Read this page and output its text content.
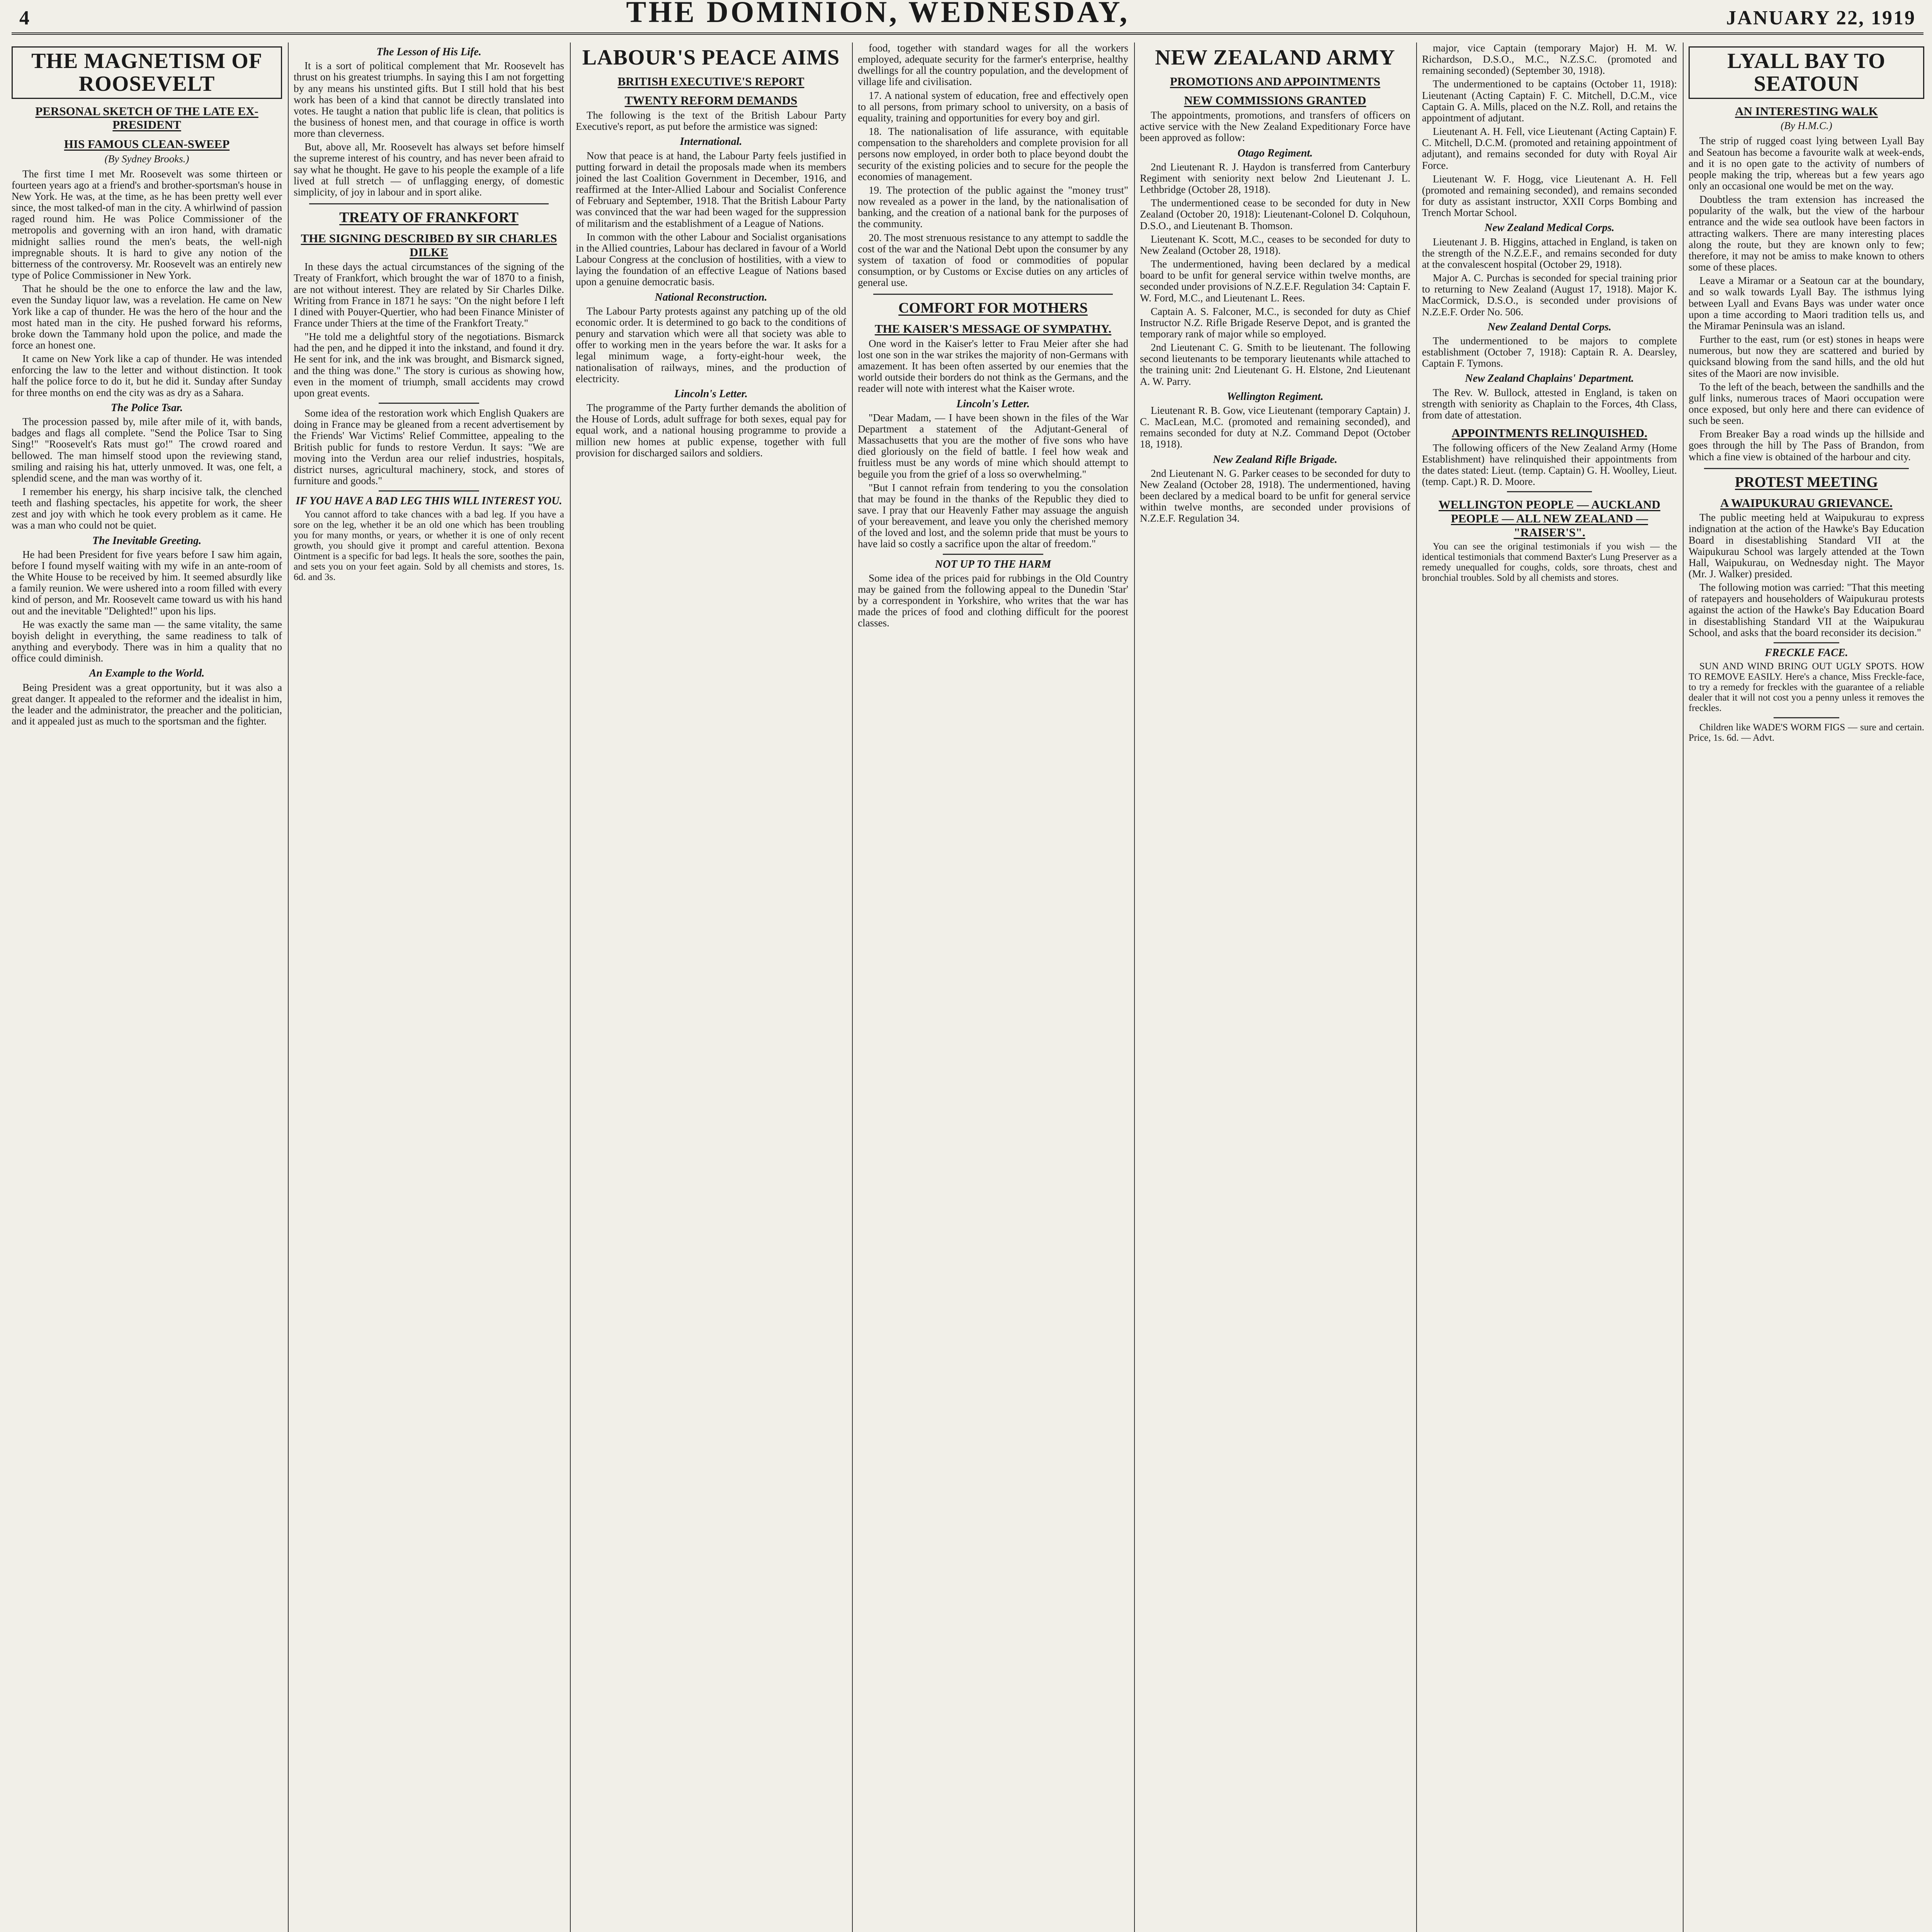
4	THE DOMINION, WEDNESDAY,	JANUARY 22, 1919
THE MAGNETISM OF ROOSEVELT
PERSONAL SKETCH OF THE LATE EX-PRESIDENT
HIS FAMOUS CLEAN-SWEEP
(By Sydney Brooks.)

The first time I met Mr. Roosevelt was some thirteen or fourteen years ago at a friend's and brother-sportsman's house in New York. He was, at the time, as he has been pretty well ever since, the most talked-of man in the city. A whirlwind of passion raged round him. He was Police Commissioner of the metropolis and governing with an iron hand, with dramatic midnight sallies round the men's beats, the well-nigh impregnable shouts. It is hard to give any notion of the bitterness of the controversy. Mr. Roosevelt was an entirely new type of Police Commissioner in New York.

That he should be the one to enforce the law and the law, even the Sunday liquor law, was a revelation. He came on New York like a cap of thunder. He was the hero of the hour and the most hated man in the city. He pushed forward his reforms, broke down the Tammany hold upon the police, and made the force an honest one.

It came on New York like a cap of thunder. He was intended enforcing the law to the letter and without distinction. It took half the police force to do it, but he did it. Sunday after Sunday for three months on end the city was as dry as a Sahara.

The Police Tsar.

The procession passed by, mile after mile of it, with bands, badges and flags all complete. "Send the Police Tsar to Sing Sing!" "Roosevelt's Rats must go!" The crowd roared and bellowed. The man himself stood upon the reviewing stand, smiling and raising his hat, utterly unmoved. It was, one felt, a splendid scene, and the man was worthy of it.

I remember his energy, his sharp incisive talk, the clenched teeth and flashing spectacles, his appetite for work, the sheer zest and joy with which he took every problem as it came. He was a man who could not be quiet.

The Inevitable Greeting.

He had been President for five years before I saw him again, before I found myself waiting with my wife in an ante-room of the White House to be received by him. It seemed absurdly like a family reunion. We were ushered into a room filled with every kind of person, and Mr. Roosevelt came toward us with his hand out and the inevitable "Delighted!" upon his lips.

He was exactly the same man — the same vitality, the same boyish delight in everything, the same readiness to talk of anything and everybody. There was in him a quality that no office could diminish.

An Example to the World.

Being President was a great opportunity, but it was also a great danger. It appealed to the reformer and the idealist in him, the leader and the administrator, the preacher and the politician, and it appealed just as much to the sportsman and the fighter.

The Lesson of His Life.

It is a sort of political complement that Mr. Roosevelt has thrust on his greatest triumphs. In saying this I am not forgetting by any means his unstinted gifts. But I still hold that his best work has been of a kind that cannot be directly translated into votes. He taught a nation that public life is clean, that politics is the business of honest men, and that courage in office is worth more than cleverness.

But, above all, Mr. Roosevelt has always set before himself the supreme interest of his country, and has never been afraid to say what he thought. He gave to his people the example of a life lived at full stretch — of unflagging energy, of domestic simplicity, of joy in labour and in sport alike.

TREATY OF FRANKFORT
THE SIGNING DESCRIBED BY SIR CHARLES DILKE

In these days the actual circumstances of the signing of the Treaty of Frankfort, which brought the war of 1870 to a finish, are not without interest. They are related by Sir Charles Dilke. Writing from France in 1871 he says: "On the night before I left I dined with Pouyer-Quertier, who had been Finance Minister of France under Thiers at the time of the Frankfort Treaty."

"He told me a delightful story of the negotiations. Bismarck had the pen, and he dipped it into the inkstand, and found it dry. He sent for ink, and the ink was brought, and Bismarck signed, and the thing was done." The story is curious as showing how, even in the moment of triumph, small accidents may crowd upon great events.

Some idea of the restoration work which English Quakers are doing in France may be gleaned from a recent advertisement by the Friends' War Victims' Relief Committee, appealing to the British public for funds to restore Verdun. It says: "We are moving into the Verdun area our relief industries, hospitals, district nurses, agricultural machinery, stock, and stores of furniture and goods."

IF YOU HAVE A BAD LEG THIS WILL INTEREST YOU.

You cannot afford to take chances with a bad leg. If you have a sore on the leg, whether it be an old one which has been troubling you for many months, or years, or whether it is one of only recent growth, you should give it prompt and careful attention. Bexona Ointment is a specific for bad legs. It heals the sore, soothes the pain, and sets you on your feet again. Sold by all chemists and stores, 1s. 6d. and 3s.

LABOUR'S PEACE AIMS
BRITISH EXECUTIVE'S REPORT
TWENTY REFORM DEMANDS

The following is the text of the British Labour Party Executive's report, as put before the armistice was signed:

International.

Now that peace is at hand, the Labour Party feels justified in putting forward in detail the proposals made when its members joined the last Coalition Government in December, 1916, and reaffirmed at the Inter-Allied Labour and Socialist Conference of February and September, 1918. That the British Labour Party was convinced that the war had been waged for the suppression of militarism and the establishment of a League of Nations.

In common with the other Labour and Socialist organisations in the Allied countries, Labour has declared in favour of a World Labour Congress at the conclusion of hostilities, with a view to laying the foundation of an effective League of Nations based upon a genuine democratic basis.

National Reconstruction.

The Labour Party protests against any patching up of the old economic order. It is determined to go back to the conditions of penury and starvation which were all that society was able to offer to working men in the years before the war. It asks for a legal minimum wage, a forty-eight-hour week, the nationalisation of railways, mines, and the production of electricity.

Lincoln's Letter.

The programme of the Party further demands the abolition of the House of Lords, adult suffrage for both sexes, equal pay for equal work, and a national housing programme to provide a million new homes at public expense, together with full provision for discharged sailors and soldiers.

food, together with standard wages for all the workers employed, adequate security for the farmer's enterprise, healthy dwellings for all the country population, and the development of village life and civilisation.

17. A national system of education, free and effectively open to all persons, from primary school to university, on a basis of equality, training and opportunities for every boy and girl.

18. The nationalisation of life assurance, with equitable compensation to the shareholders and complete provision for all persons now employed, in order both to place beyond doubt the security of the existing policies and to secure for the people the economies of management.

19. The protection of the public against the "money trust" now revealed as a power in the land, by the nationalisation of banking, and the creation of a national bank for the purposes of the community.

20. The most strenuous resistance to any attempt to saddle the cost of the war and the National Debt upon the consumer by any system of taxation of food or commodities of popular consumption, or by Customs or Excise duties on any articles of general use.

COMFORT FOR MOTHERS
THE KAISER'S MESSAGE OF SYMPATHY.

One word in the Kaiser's letter to Frau Meier after she had lost one son in the war strikes the majority of non-Germans with amazement. It has been often asserted by our enemies that the world outside their borders do not think as the Germans, and the reader will note with interest what the Kaiser wrote.

Lincoln's Letter.

"Dear Madam, — I have been shown in the files of the War Department a statement of the Adjutant-General of Massachusetts that you are the mother of five sons who have died gloriously on the field of battle. I feel how weak and fruitless must be any words of mine which should attempt to beguile you from the grief of a loss so overwhelming."

"But I cannot refrain from tendering to you the consolation that may be found in the thanks of the Republic they died to save. I pray that our Heavenly Father may assuage the anguish of your bereavement, and leave you only the cherished memory of the loved and lost, and the solemn pride that must be yours to have laid so costly a sacrifice upon the altar of freedom."

NOT UP TO THE HARM

Some idea of the prices paid for rubbings in the Old Country may be gained from the following appeal to the Dunedin 'Star' by a correspondent in Yorkshire, who writes that the war has made the prices of food and clothing difficult for the poorest classes.

NEW ZEALAND ARMY
PROMOTIONS AND APPOINTMENTS
NEW COMMISSIONS GRANTED

The appointments, promotions, and transfers of officers on active service with the New Zealand Expeditionary Force have been approved as follow:

Otago Regiment.

2nd Lieutenant R. J. Haydon is transferred from Canterbury Regiment with seniority next below 2nd Lieutenant J. L. Lethbridge (October 28, 1918).

The undermentioned cease to be seconded for duty in New Zealand (October 20, 1918): Lieutenant-Colonel D. Colquhoun, D.S.O., and Lieutenant B. Thomson.

Lieutenant K. Scott, M.C., ceases to be seconded for duty to New Zealand (October 28, 1918).

The undermentioned, having been declared by a medical board to be unfit for general service within twelve months, are seconded under provisions of N.Z.E.F. Regulation 34: Captain F. W. Ford, M.C., and Lieutenant L. Rees.

Captain A. S. Falconer, M.C., is seconded for duty as Chief Instructor N.Z. Rifle Brigade Reserve Depot, and is granted the temporary rank of major while so employed.

2nd Lieutenant C. G. Smith to be lieutenant. The following second lieutenants to be temporary lieutenants while attached to the training unit: 2nd Lieutenant G. H. Elstone, 2nd Lieutenant A. W. Parry.

Wellington Regiment.

Lieutenant R. B. Gow, vice Lieutenant (temporary Captain) J. C. MacLean, M.C. (promoted and remaining seconded), and remains seconded for duty at N.Z. Command Depot (October 18, 1918).

New Zealand Rifle Brigade.

2nd Lieutenant N. G. Parker ceases to be seconded for duty to New Zealand (October 28, 1918). The undermentioned, having been declared by a medical board to be unfit for general service within twelve months, are seconded under provisions of N.Z.E.F. Regulation 34.

major, vice Captain (temporary Major) H. M. W. Richardson, D.S.O., M.C., N.Z.S.C. (promoted and remaining seconded) (September 30, 1918).

The undermentioned to be captains (October 11, 1918): Lieutenant (Acting Captain) F. C. Mitchell, D.C.M., vice Captain G. A. Mills, placed on the N.Z. Roll, and retains the appointment of adjutant.

Lieutenant A. H. Fell, vice Lieutenant (Acting Captain) F. C. Mitchell, D.C.M. (promoted and retaining appointment of adjutant), and remains seconded for duty with Royal Air Force.

Lieutenant W. F. Hogg, vice Lieutenant A. H. Fell (promoted and remaining seconded), and remains seconded for duty as assistant instructor, XXII Corps Bombing and Trench Mortar School.

New Zealand Medical Corps.

Lieutenant J. B. Higgins, attached in England, is taken on the strength of the N.Z.E.F., and remains seconded for duty at the convalescent hospital (October 29, 1918).

Major A. C. Purchas is seconded for special training prior to returning to New Zealand (August 17, 1918). Major K. MacCormick, D.S.O., is seconded under provisions of N.Z.E.F. Order No. 506.

New Zealand Dental Corps.

The undermentioned to be majors to complete establishment (October 7, 1918): Captain R. A. Dearsley, Captain F. Tymons.

New Zealand Chaplains' Department.

The Rev. W. Bullock, attested in England, is taken on strength with seniority as Chaplain to the Forces, 4th Class, from date of attestation.

APPOINTMENTS RELINQUISHED.

The following officers of the New Zealand Army (Home Establishment) have relinquished their appointments from the dates stated: Lieut. (temp. Captain) G. H. Woolley, Lieut. (temp. Capt.) R. D. Moore.

WELLINGTON PEOPLE — AUCKLAND PEOPLE — ALL NEW ZEALAND — "RAISER'S".

You can see the original testimonials if you wish — the identical testimonials that commend Baxter's Lung Preserver as a remedy unequalled for coughs, colds, sore throats, chest and bronchial troubles. Sold by all chemists and stores.

LYALL BAY TO SEATOUN
AN INTERESTING WALK
(By H.M.C.)

The strip of rugged coast lying between Lyall Bay and Seatoun has become a favourite walk at week-ends, and it is no open gate to the activity of numbers of people making the trip, whereas but a few years ago only an occasional one would be met on the way.

Doubtless the tram extension has increased the popularity of the walk, but the view of the harbour entrance and the wide sea outlook have been factors in attracting walkers. There are many interesting places along the route, but they are known only to few; therefore, it may not be amiss to make known to others some of these places.

Leave a Miramar or a Seatoun car at the boundary, and so walk towards Lyall Bay. The isthmus lying between Lyall and Evans Bays was under water once upon a time according to Maori tradition tells us, and the Miramar Peninsula was an island.

Further to the east, rum (or est) stones in heaps were numerous, but now they are scattered and buried by quicksand blowing from the sand hills, and the old hut sites of the Maori are now invisible.

To the left of the beach, between the sandhills and the gulf links, numerous traces of Maori occupation were once exposed, but only here and there can evidence of such be seen.

From Breaker Bay a road winds up the hillside and goes through the hill by The Pass of Brandon, from which a fine view is obtained of the harbour and city.

PROTEST MEETING
A WAIPUKURAU GRIEVANCE.

The public meeting held at Waipukurau to express indignation at the action of the Hawke's Bay Education Board in disestablishing Standard VII at the Waipukurau School was largely attended at the Town Hall, Waipukurau, on Wednesday night. The Mayor (Mr. J. Walker) presided.

The following motion was carried: "That this meeting of ratepayers and householders of Waipukurau protests against the action of the Hawke's Bay Education Board in disestablishing Standard VII at the Waipukurau School, and asks that the board reconsider its decision."

FRECKLE FACE.

SUN AND WIND BRING OUT UGLY SPOTS. HOW TO REMOVE EASILY. Here's a chance, Miss Freckle-face, to try a remedy for freckles with the guarantee of a reliable dealer that it will not cost you a penny unless it removes the freckles.

Children like WADE'S WORM FIGS — sure and certain. Price, 1s. 6d. — Advt.
